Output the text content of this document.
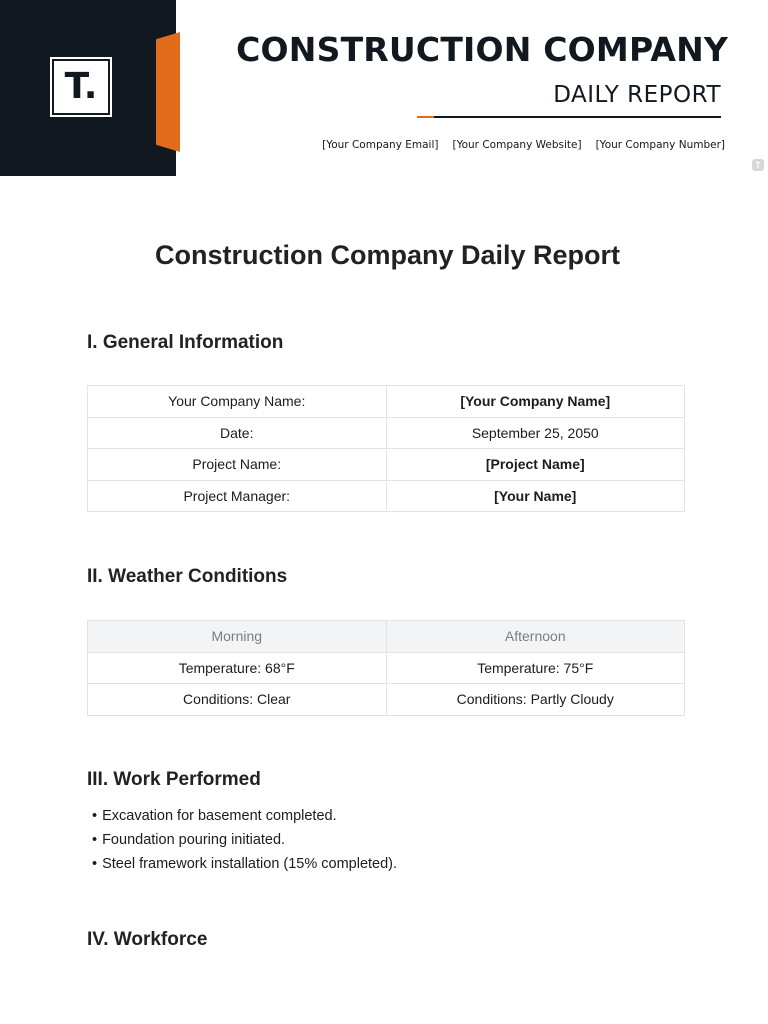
T.
CONSTRUCTION COMPANY
DAILY REPORT
[Your Company Email] [Your Company Website] [Your Company Number]
T
Construction Company Daily Report
I. General Information
Your Company Name:	[Your Company Name]
Date:	September 25, 2050
Project Name:	[Project Name]
Project Manager:	[Your Name]
II. Weather Conditions
Morning	Afternoon
Temperature: 68°F	Temperature: 75°F
Conditions: Clear	Conditions: Partly Cloudy
III. Work Performed
• Excavation for basement completed.
• Foundation pouring initiated.
• Steel framework installation (15% completed).
IV. Workforce
